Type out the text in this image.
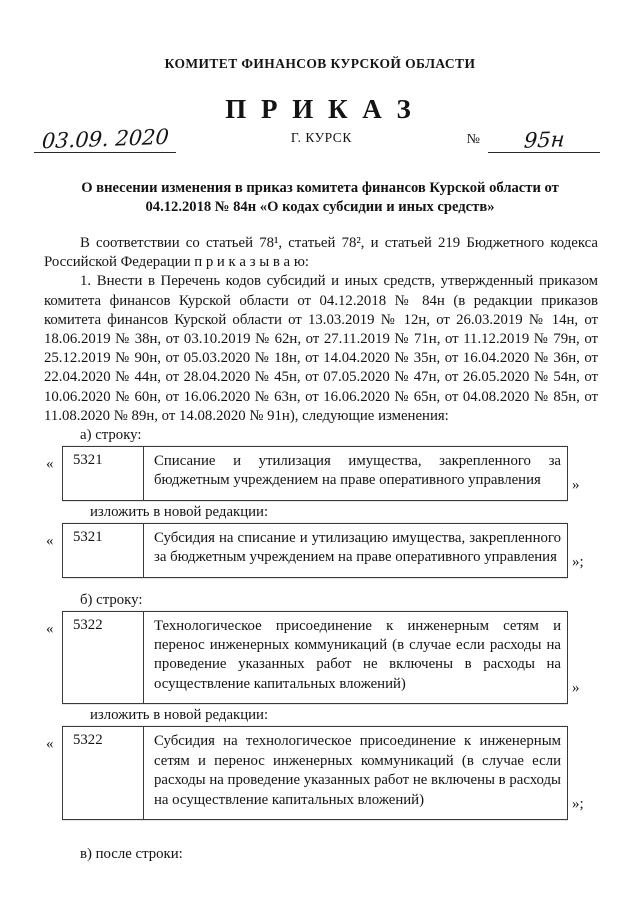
КОМИТЕТ ФИНАНСОВ КУРСКОЙ ОБЛАСТИ
П Р И К А З
03.09. 2020	Г. КУРСК	№	95н
О внесении изменения в приказ комитета финансов Курской области от 04.12.2018 № 84н «О кодах субсидии и иных средств»
В соответствии со статьей 78¹, статьей 78², и статьей 219 Бюджетного кодекса Российской Федерации п р и к а з ы в а ю:
1. Внести в Перечень кодов субсидий и иных средств, утвержденный приказом комитета финансов Курской области от 04.12.2018 № 84н (в редакции приказов комитета финансов Курской области от 13.03.2019 № 12н, от 26.03.2019 № 14н, от 18.06.2019 № 38н, от 03.10.2019 № 62н, от 27.11.2019 № 71н, от 11.12.2019 № 79н, от 25.12.2019 № 90н, от 05.03.2020 № 18н, от 14.04.2020 № 35н, от 16.04.2020 № 36н, от 22.04.2020 № 44н, от 28.04.2020 № 45н, от 07.05.2020 № 47н, от 26.05.2020 № 54н, от 10.06.2020 № 60н, от 16.06.2020 № 63н, от 16.06.2020 № 65н, от 04.08.2020 № 85н, от 11.08.2020 № 89н, от 14.08.2020 № 91н), следующие изменения:
а) строку:
«	5321	Списание и утилизация имущества, закрепленного за бюджетным учреждением на праве оперативного управления	»
изложить в новой редакции:
«	5321	Субсидия на списание и утилизацию имущества, закрепленного за бюджетным учреждением на праве оперативного управления	»;
б) строку:
«	5322	Технологическое присоединение к инженерным сетям и перенос инженерных коммуникаций (в случае если расходы на проведение указанных работ не включены в расходы на осуществление капитальных вложений)	»
изложить в новой редакции:
«	5322	Субсидия на технологическое присоединение к инженерным сетям и перенос инженерных коммуникаций (в случае если расходы на проведение указанных работ не включены в расходы на осуществление капитальных вложений)	»;
в) после строки:
